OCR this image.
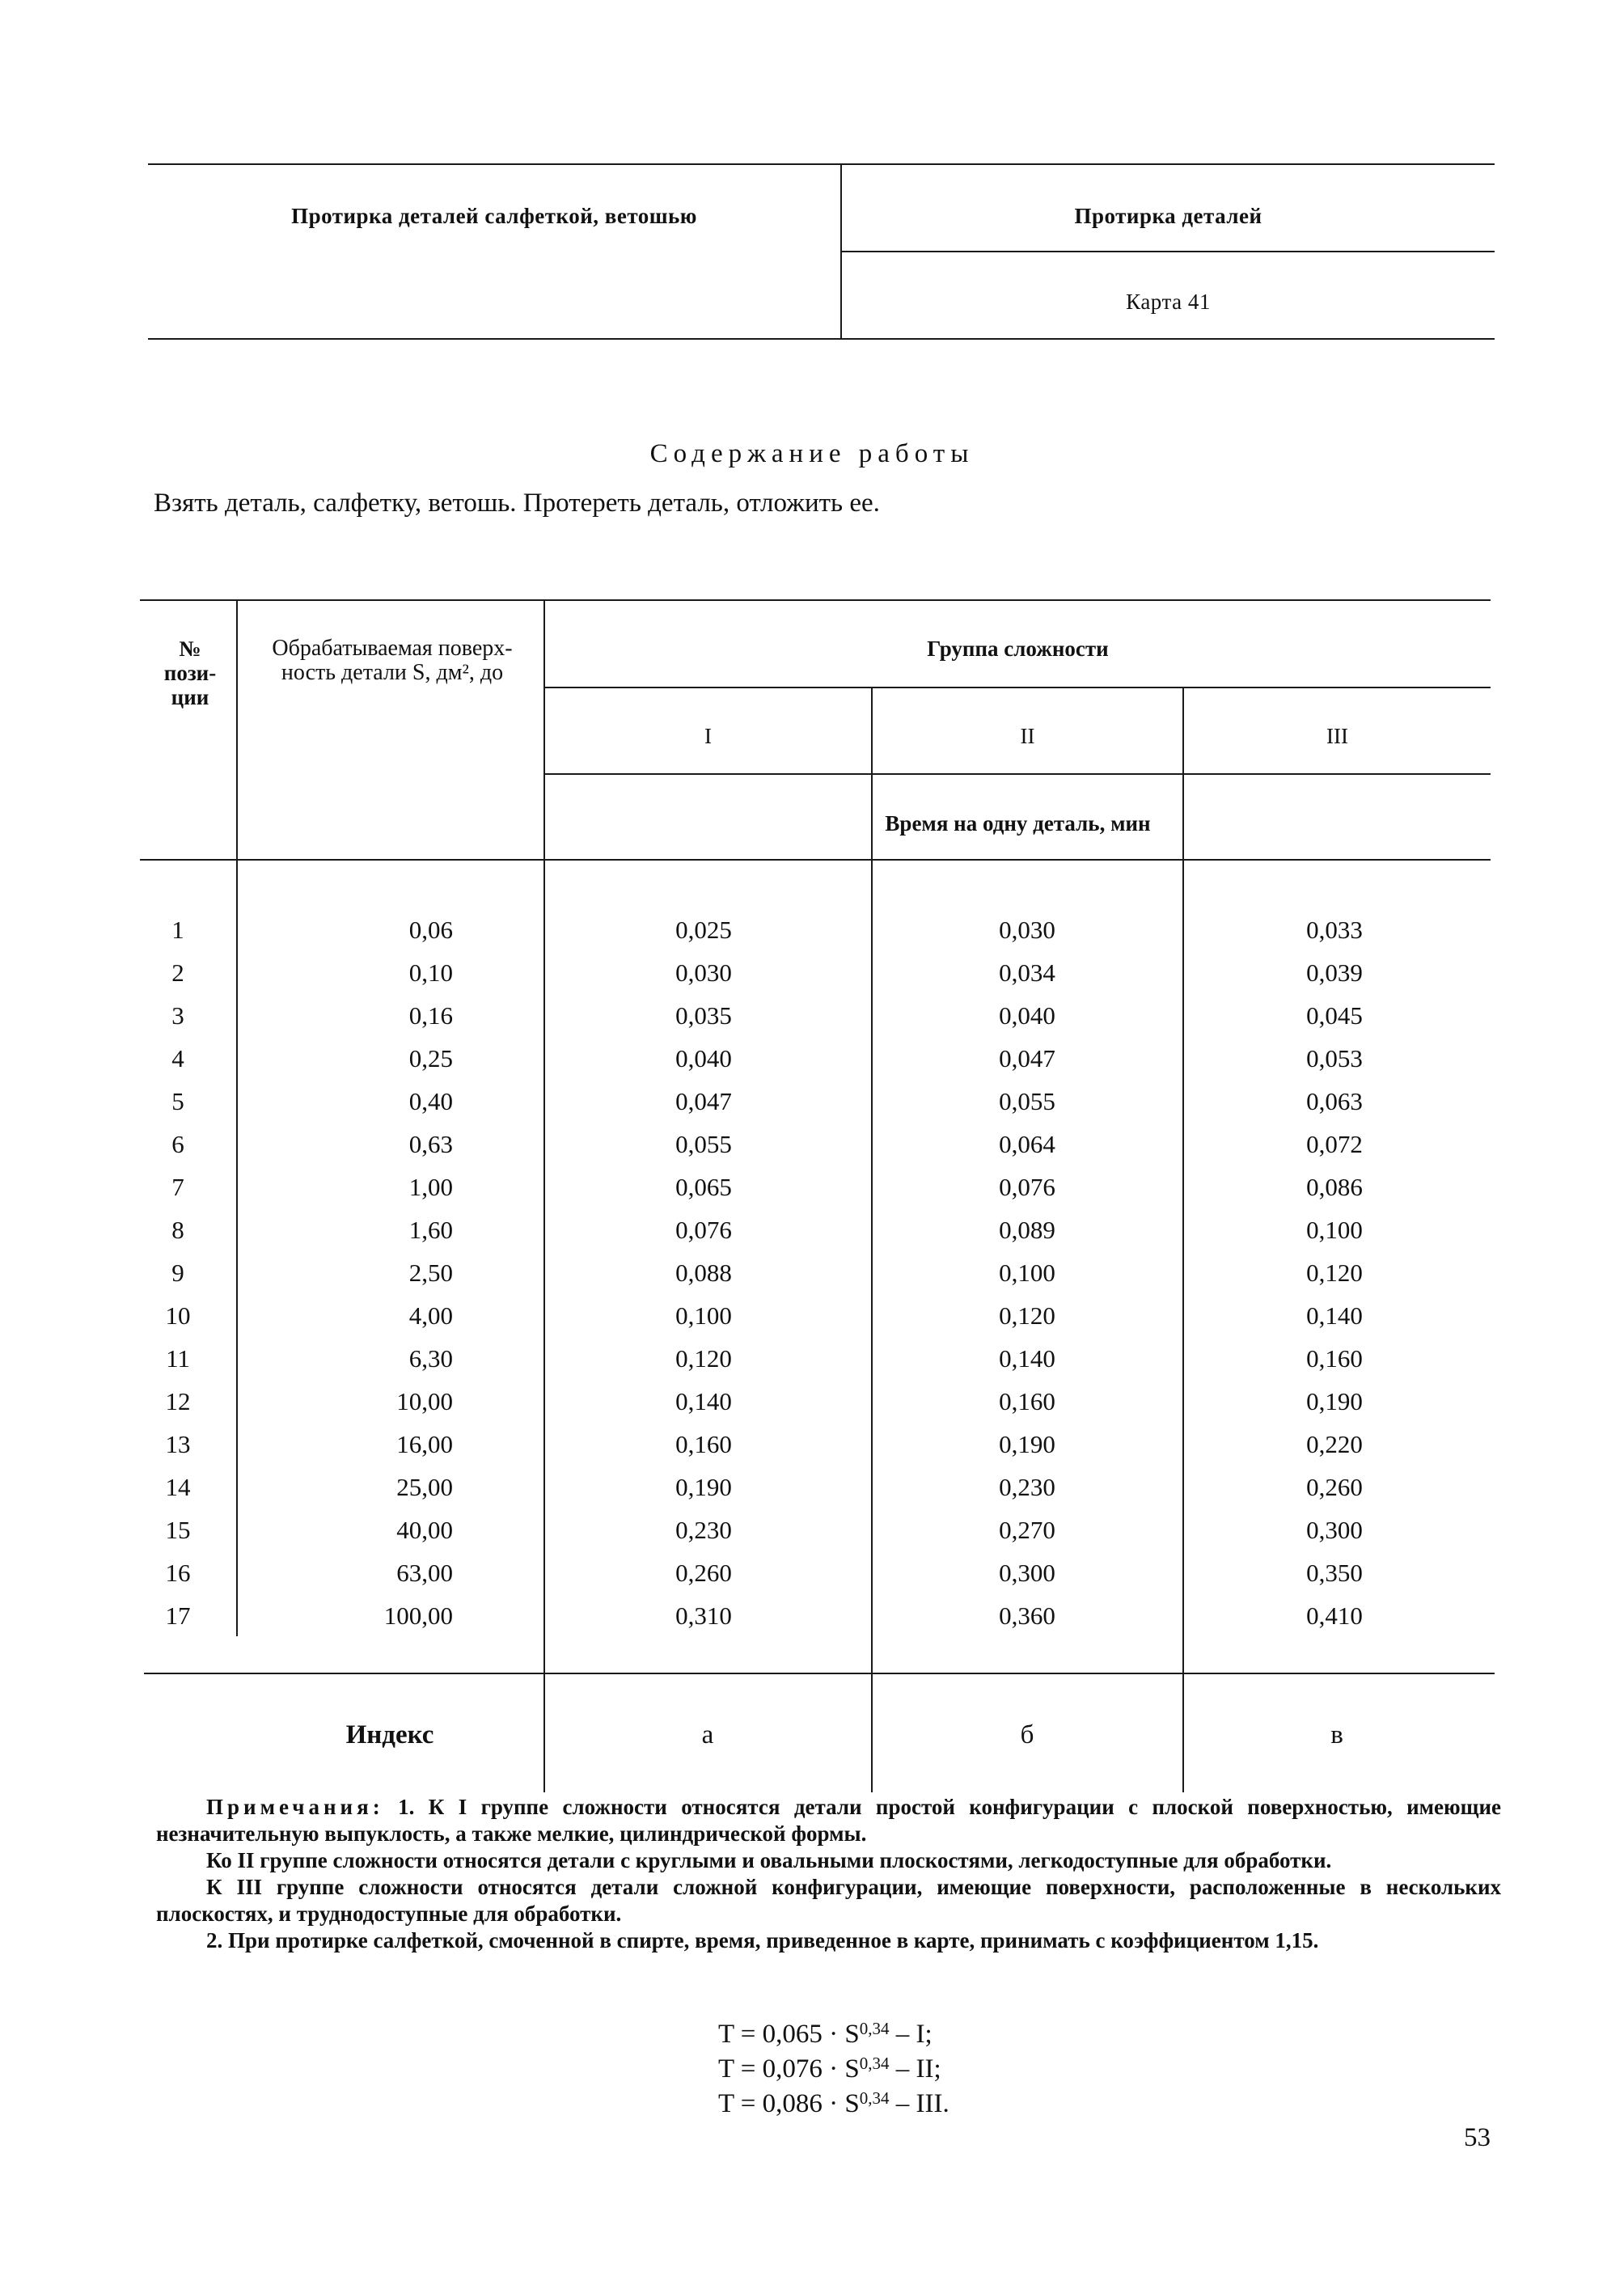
Протирка деталей салфеткой, ветошью	Протирка деталей
Карта 41
Содержание работы
Взять деталь, салфетку, ветошь. Протереть деталь, отложить ее.
№
пози-
ции
Обрабатываемая поверх-
ность детали S, дм², до
Группа сложности
I	II	III
Время на одну деталь, мин
1	0,06	0,025	0,030	0,033
2	0,10	0,030	0,034	0,039
3	0,16	0,035	0,040	0,045
4	0,25	0,040	0,047	0,053
5	0,40	0,047	0,055	0,063
6	0,63	0,055	0,064	0,072
7	1,00	0,065	0,076	0,086
8	1,60	0,076	0,089	0,100
9	2,50	0,088	0,100	0,120
10	4,00	0,100	0,120	0,140
11	6,30	0,120	0,140	0,160
12	10,00	0,140	0,160	0,190
13	16,00	0,160	0,190	0,220
14	25,00	0,190	0,230	0,260
15	40,00	0,230	0,270	0,300
16	63,00	0,260	0,300	0,350
17	100,00	0,310	0,360	0,410
Индекс	а	б	в

Примечания: 1. К I группе сложности относятся детали простой конфигурации с плоской поверхностью, имеющие незначительную выпуклость, а также мелкие, цилиндрической формы.

Ко II группе сложности относятся детали с круглыми и овальными плоскостями, легкодоступные для обработки.

К III группе сложности относятся детали сложной конфигурации, имеющие поверхности, расположенные в нескольких плоскостях, и труднодоступные для обработки.

2. При протирке салфеткой, смоченной в спирте, время, приведенное в карте, принимать с коэффициентом 1,15.

T = 0,065 · S$^{0,34}$ – I;
T = 0,076 · S$^{0,34}$ – II;
T = 0,086 · S$^{0,34}$ – III.
53
